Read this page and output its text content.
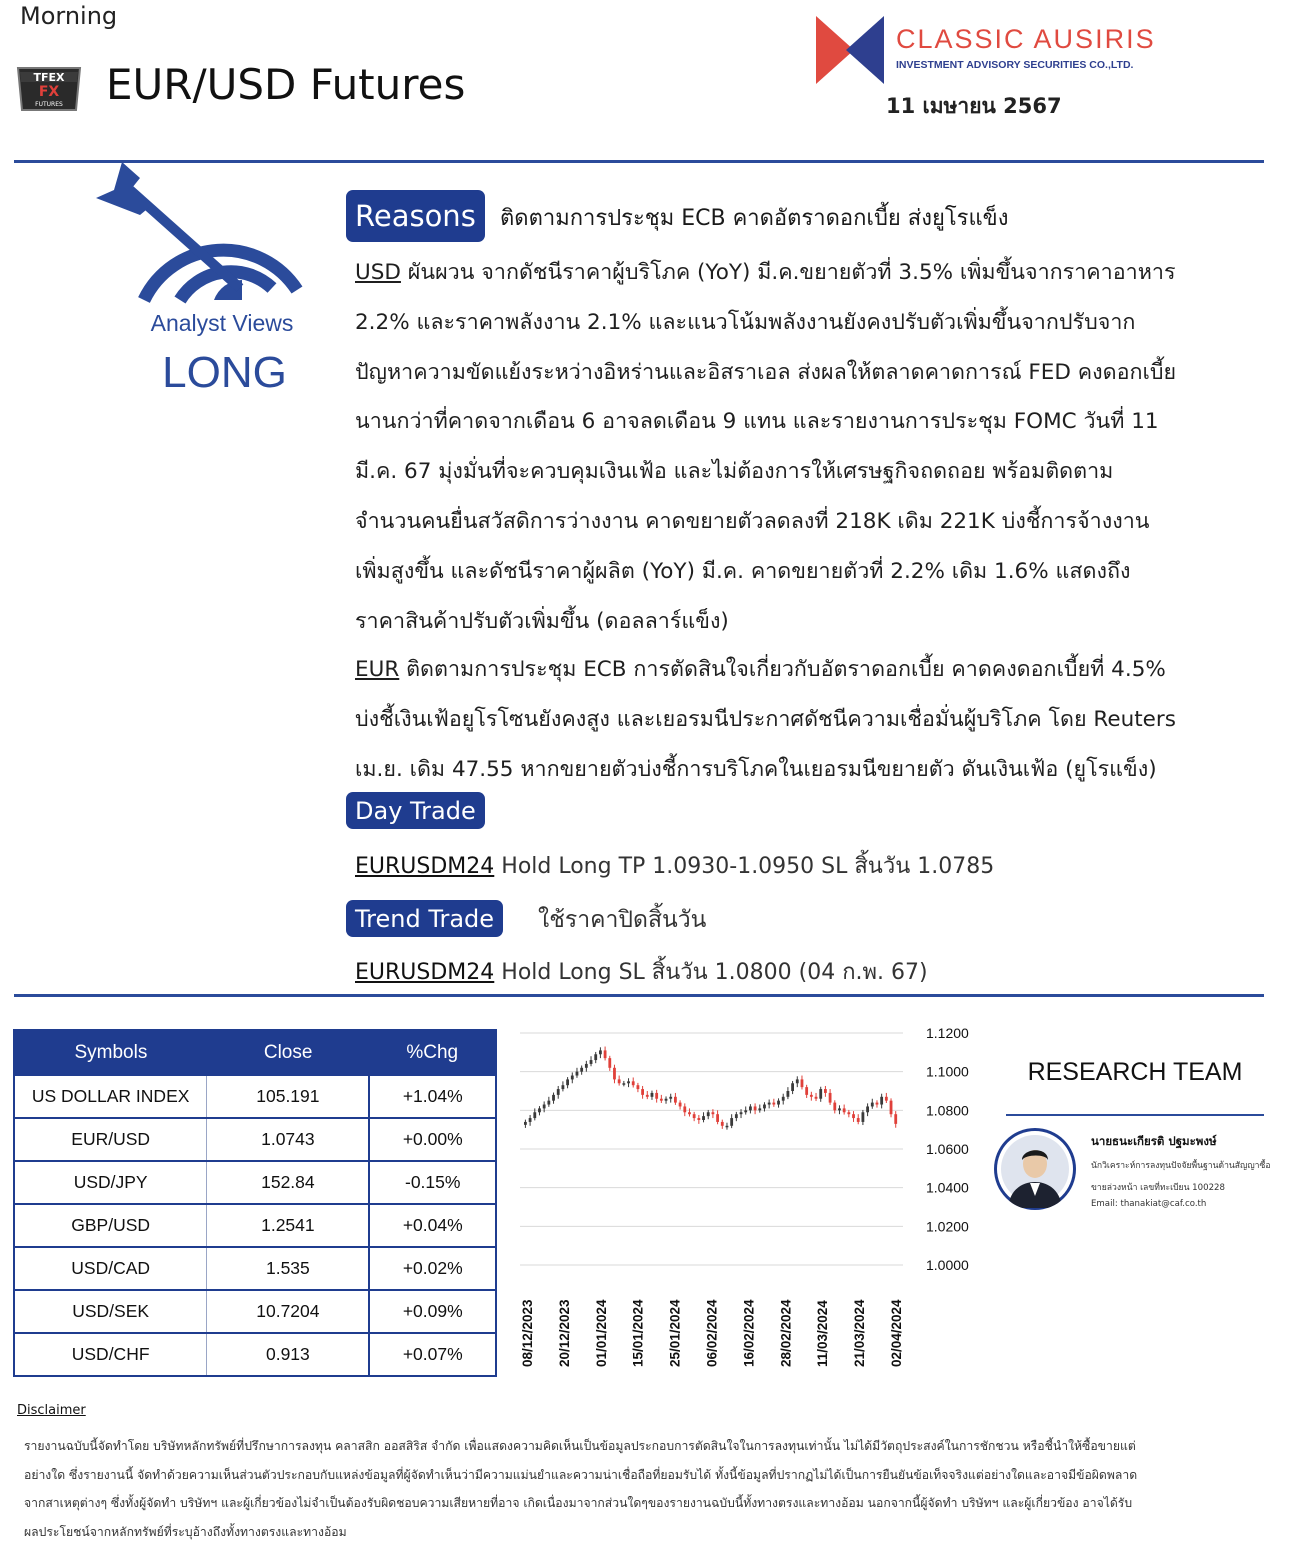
Morning
TFEX
FX
FUTURES EUR/USD Futures
CLASSIC AUSIRIS
INVESTMENT ADVISORY SECURITIES CO.,LTD.
11 เมษายน 2567
Analyst Views
LONG
Reasons	ติดตามการประชุม ECB คาดอัตราดอกเบี้ย ส่งยูโรแข็ง
USD ผันผวน จากดัชนีราคาผู้บริโภค (YoY) มี.ค.ขยายตัวที่ 3.5% เพิ่มขึ้นจากราคาอาหาร
2.2% และราคาพลังงาน 2.1% และแนวโน้มพลังงานยังคงปรับตัวเพิ่มขึ้นจากปรับจาก
ปัญหาความขัดแย้งระหว่างอิหร่านและอิสราเอล ส่งผลให้ตลาดคาดการณ์ FED คงดอกเบี้ย
นานกว่าที่คาดจากเดือน 6 อาจลดเดือน 9 แทน และรายงานการประชุม FOMC วันที่ 11
มี.ค. 67 มุ่งมั่นที่จะควบคุมเงินเฟ้อ และไม่ต้องการให้เศรษฐกิจถดถอย พร้อมติดตาม
จำนวนคนยื่นสวัสดิการว่างงาน คาดขยายตัวลดลงที่ 218K เดิม 221K บ่งชี้การจ้างงาน
เพิ่มสูงขึ้น และดัชนีราคาผู้ผลิต (YoY) มี.ค. คาดขยายตัวที่ 2.2% เดิม 1.6% แสดงถึง
ราคาสินค้าปรับตัวเพิ่มขึ้น (ดอลลาร์แข็ง)
EUR ติดตามการประชุม ECB การตัดสินใจเกี่ยวกับอัตราดอกเบี้ย คาดคงดอกเบี้ยที่ 4.5%
บ่งชี้เงินเฟ้อยูโรโซนยังคงสูง และเยอรมนีประกาศดัชนีความเชื่อมั่นผู้บริโภค โดย Reuters
เม.ย. เดิม 47.55 หากขยายตัวบ่งชี้การบริโภคในเยอรมนีขยายตัว ดันเงินเฟ้อ (ยูโรแข็ง)
Day Trade
EURUSDM24 Hold Long TP 1.0930-1.0950 SL สิ้นวัน 1.0785
Trend Trade	ใช้ราคาปิดสิ้นวัน
EURUSDM24 Hold Long SL สิ้นวัน 1.0800 (04 ก.พ. 67)
Symbols	Close	%Chg
US DOLLAR INDEX	105.191	+1.04%
EUR/USD	1.0743	+0.00%
USD/JPY	152.84	-0.15%
GBP/USD	1.2541	+0.04%
USD/CAD	1.535	+0.02%
USD/SEK	10.7204	+0.09%
USD/CHF	0.913	+0.07%
1.1200
1.1000
1.0800
1.0600
1.0400
1.0200
1.0000
08/12/2023 20/12/2023 01/01/2024 15/01/2024 25/01/2024 06/02/2024 16/02/2024 28/02/2024 11/03/2024 21/03/2024 02/04/2024
RESEARCH TEAM
นายธนะเกียรติ ปฐมะพงษ์
นักวิเคราะห์การลงทุนปัจจัยพื้นฐานด้านสัญญาซื้อ
ขายล่วงหน้า เลขที่ทะเบียน 100228
Email: thanakiat@caf.co.th
Disclaimer
รายงานฉบับนี้จัดทำโดย บริษัทหลักทรัพย์ที่ปรึกษาการลงทุน คลาสสิก ออสสิริส จำกัด เพื่อแสดงความคิดเห็นเป็นข้อมูลประกอบการตัดสินใจในการลงทุนเท่านั้น ไม่ได้มีวัตถุประสงค์ในการชักชวน หรือชี้นำให้ซื้อขายแต่
อย่างใด ซึ่งรายงานนี้ จัดทำด้วยความเห็นส่วนตัวประกอบกับแหล่งข้อมูลที่ผู้จัดทำเห็นว่ามีความแม่นยำและความน่าเชื่อถือที่ยอมรับได้ ทั้งนี้ข้อมูลที่ปรากฏไม่ได้เป็นการยืนยันข้อเท็จจริงแต่อย่างใดและอาจมีข้อผิดพลาด
จากสาเหตุต่างๆ ซึ่งทั้งผู้จัดทำ บริษัทฯ และผู้เกี่ยวข้องไม่จำเป็นต้องรับผิดชอบความเสียหายที่อาจ เกิดเนื่องมาจากส่วนใดๆของรายงานฉบับนี้ทั้งทางตรงและทางอ้อม นอกจากนี้ผู้จัดทำ บริษัทฯ และผู้เกี่ยวข้อง อาจได้รับ
ผลประโยชน์จากหลักทรัพย์ที่ระบุอ้างถึงทั้งทางตรงและทางอ้อม
